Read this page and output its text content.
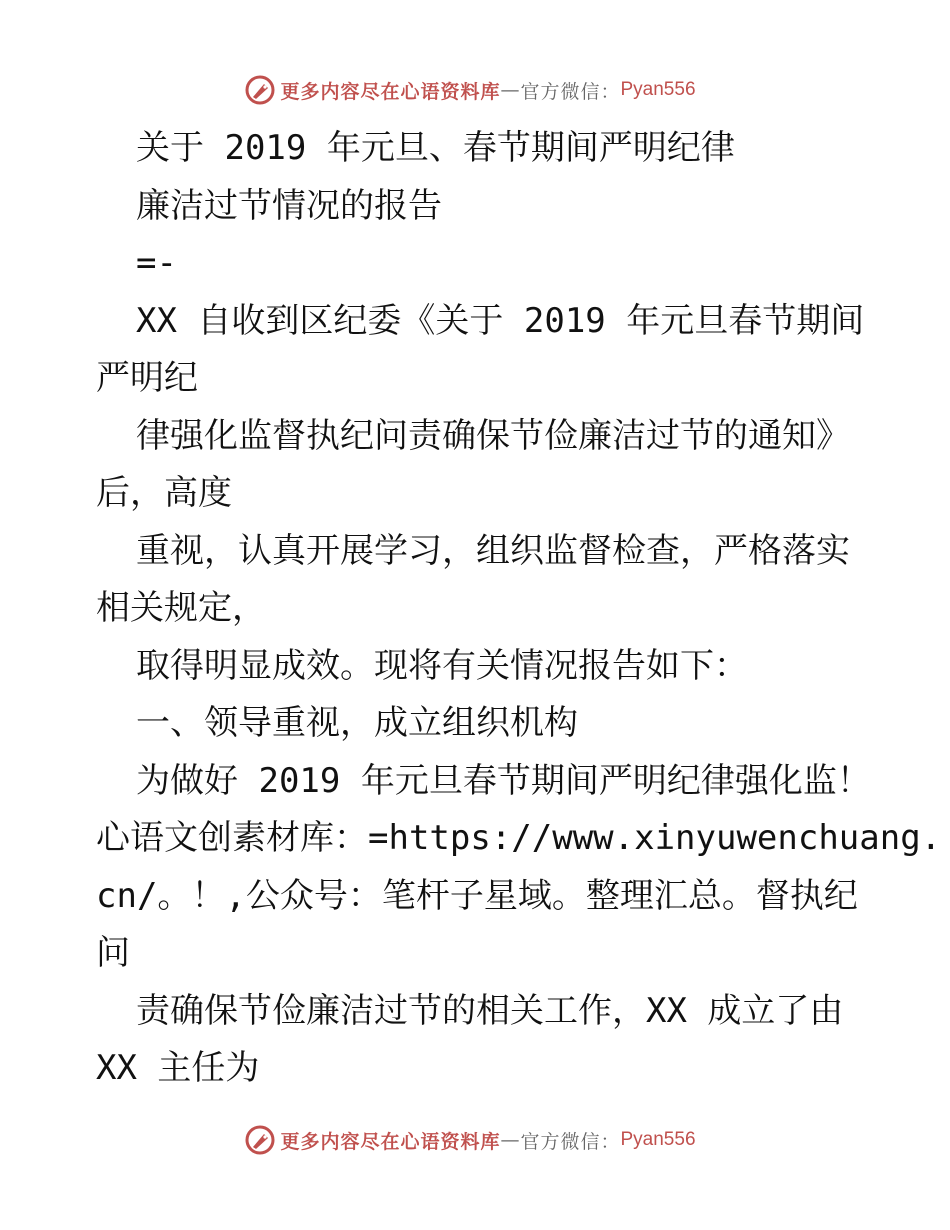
更多内容尽在心语资料库 — 官方微信： Pyan556
关于 2019 年元旦、春节期间严明纪律
廉洁过节情况的报告
=-
XX 自收到区纪委《关于 2019 年元旦春节期间
严明纪
律强化监督执纪问责确保节俭廉洁过节的通知》
后，高度
重视，认真开展学习，组织监督检查，严格落实
相关规定，
取得明显成效。现将有关情况报告如下：
一、领导重视，成立组织机构
为做好 2019 年元旦春节期间严明纪律强化监！
心语文创素材库：=https://www.xinyuwenchuang.
cn/。！,公众号：笔杆子星域。整理汇总。督执纪
问
责确保节俭廉洁过节的相关工作，XX 成立了由
XX 主任为
更多内容尽在心语资料库 — 官方微信： Pyan556
